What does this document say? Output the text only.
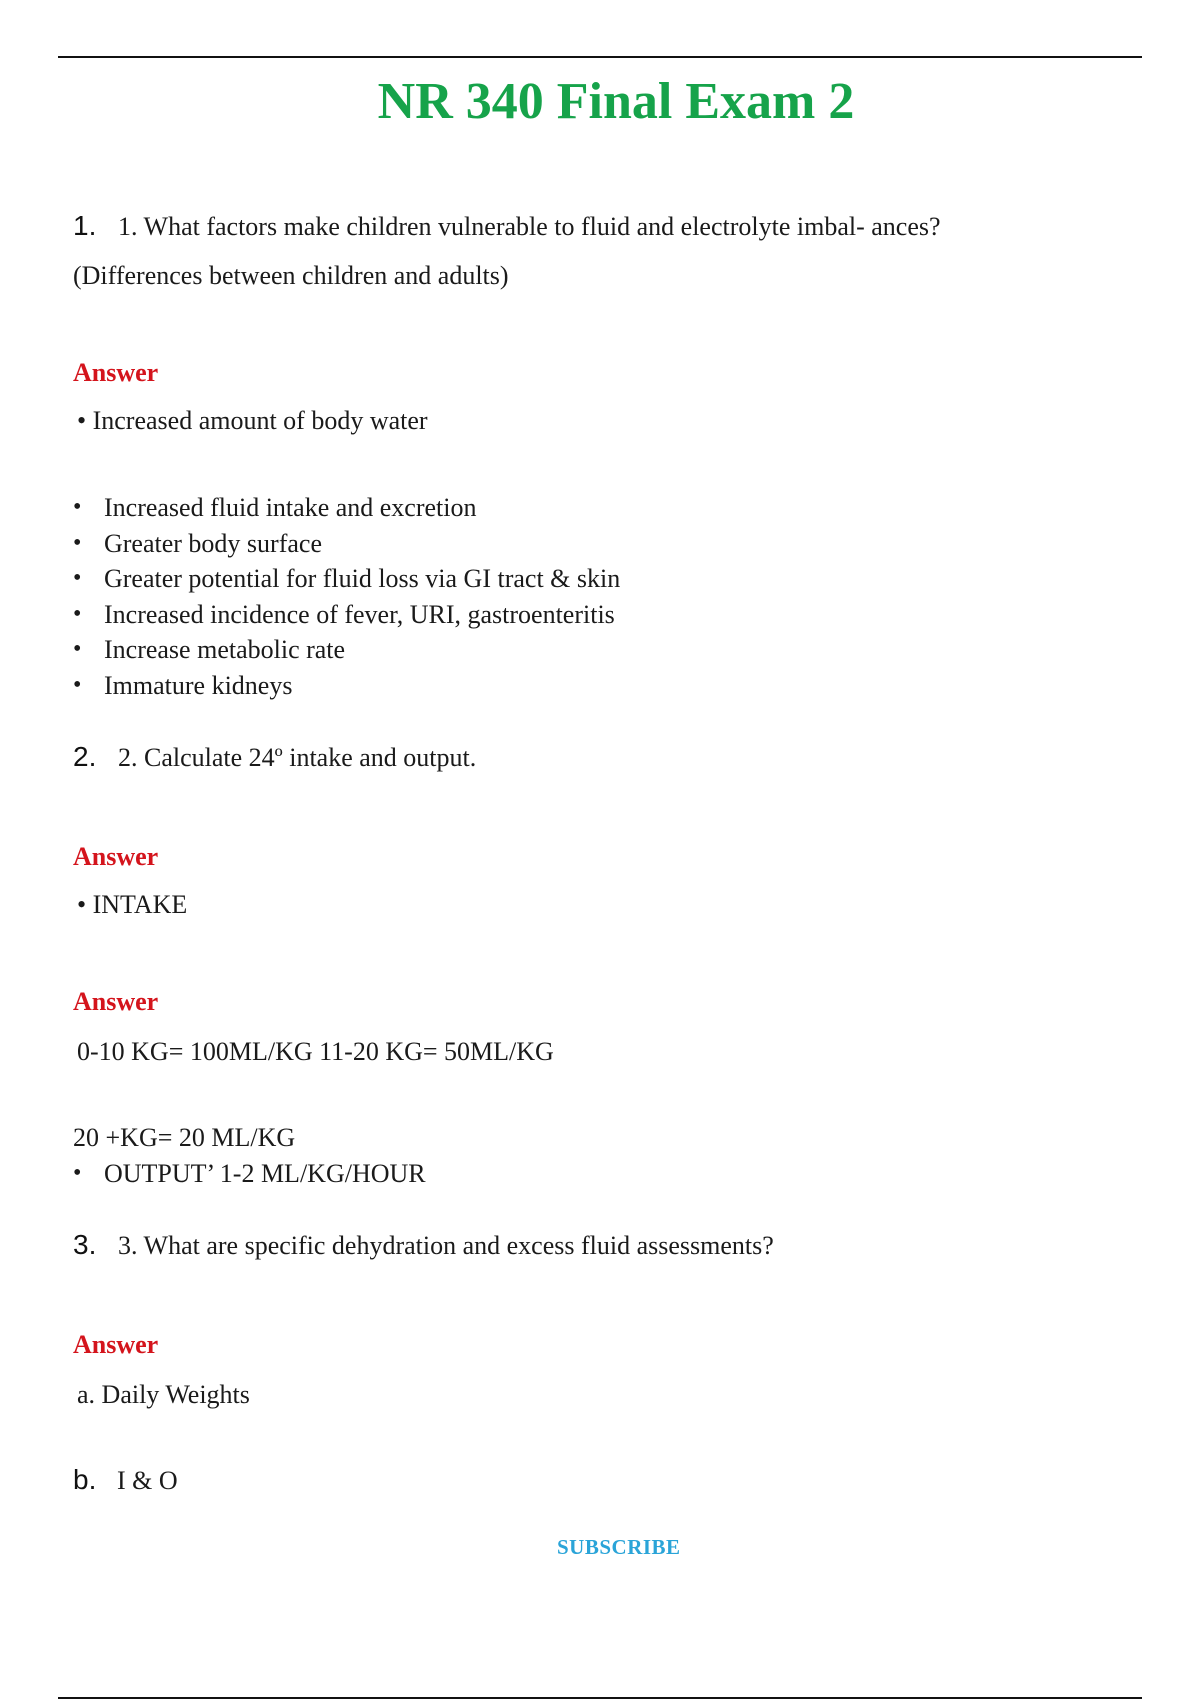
NR 340 Final Exam 2
1. 1. What factors make children vulnerable to fluid and electrolyte imbal- ances?
(Differences between children and adults)
Answer
• Increased amount of body water
• Increased fluid intake and excretion
• Greater body surface
• Greater potential for fluid loss via GI tract & skin
• Increased incidence of fever, URI, gastroenteritis
• Increase metabolic rate
• Immature kidneys
2. 2. Calculate 24º intake and output.
Answer
• INTAKE
Answer
0-10 KG= 100ML/KG 11-20 KG= 50ML/KG
20 +KG= 20 ML/KG
• OUTPUT’ 1-2 ML/KG/HOUR
3. 3. What are specific dehydration and excess fluid assessments?
Answer
a. Daily Weights
b. I & O
SUBSCRIBE
